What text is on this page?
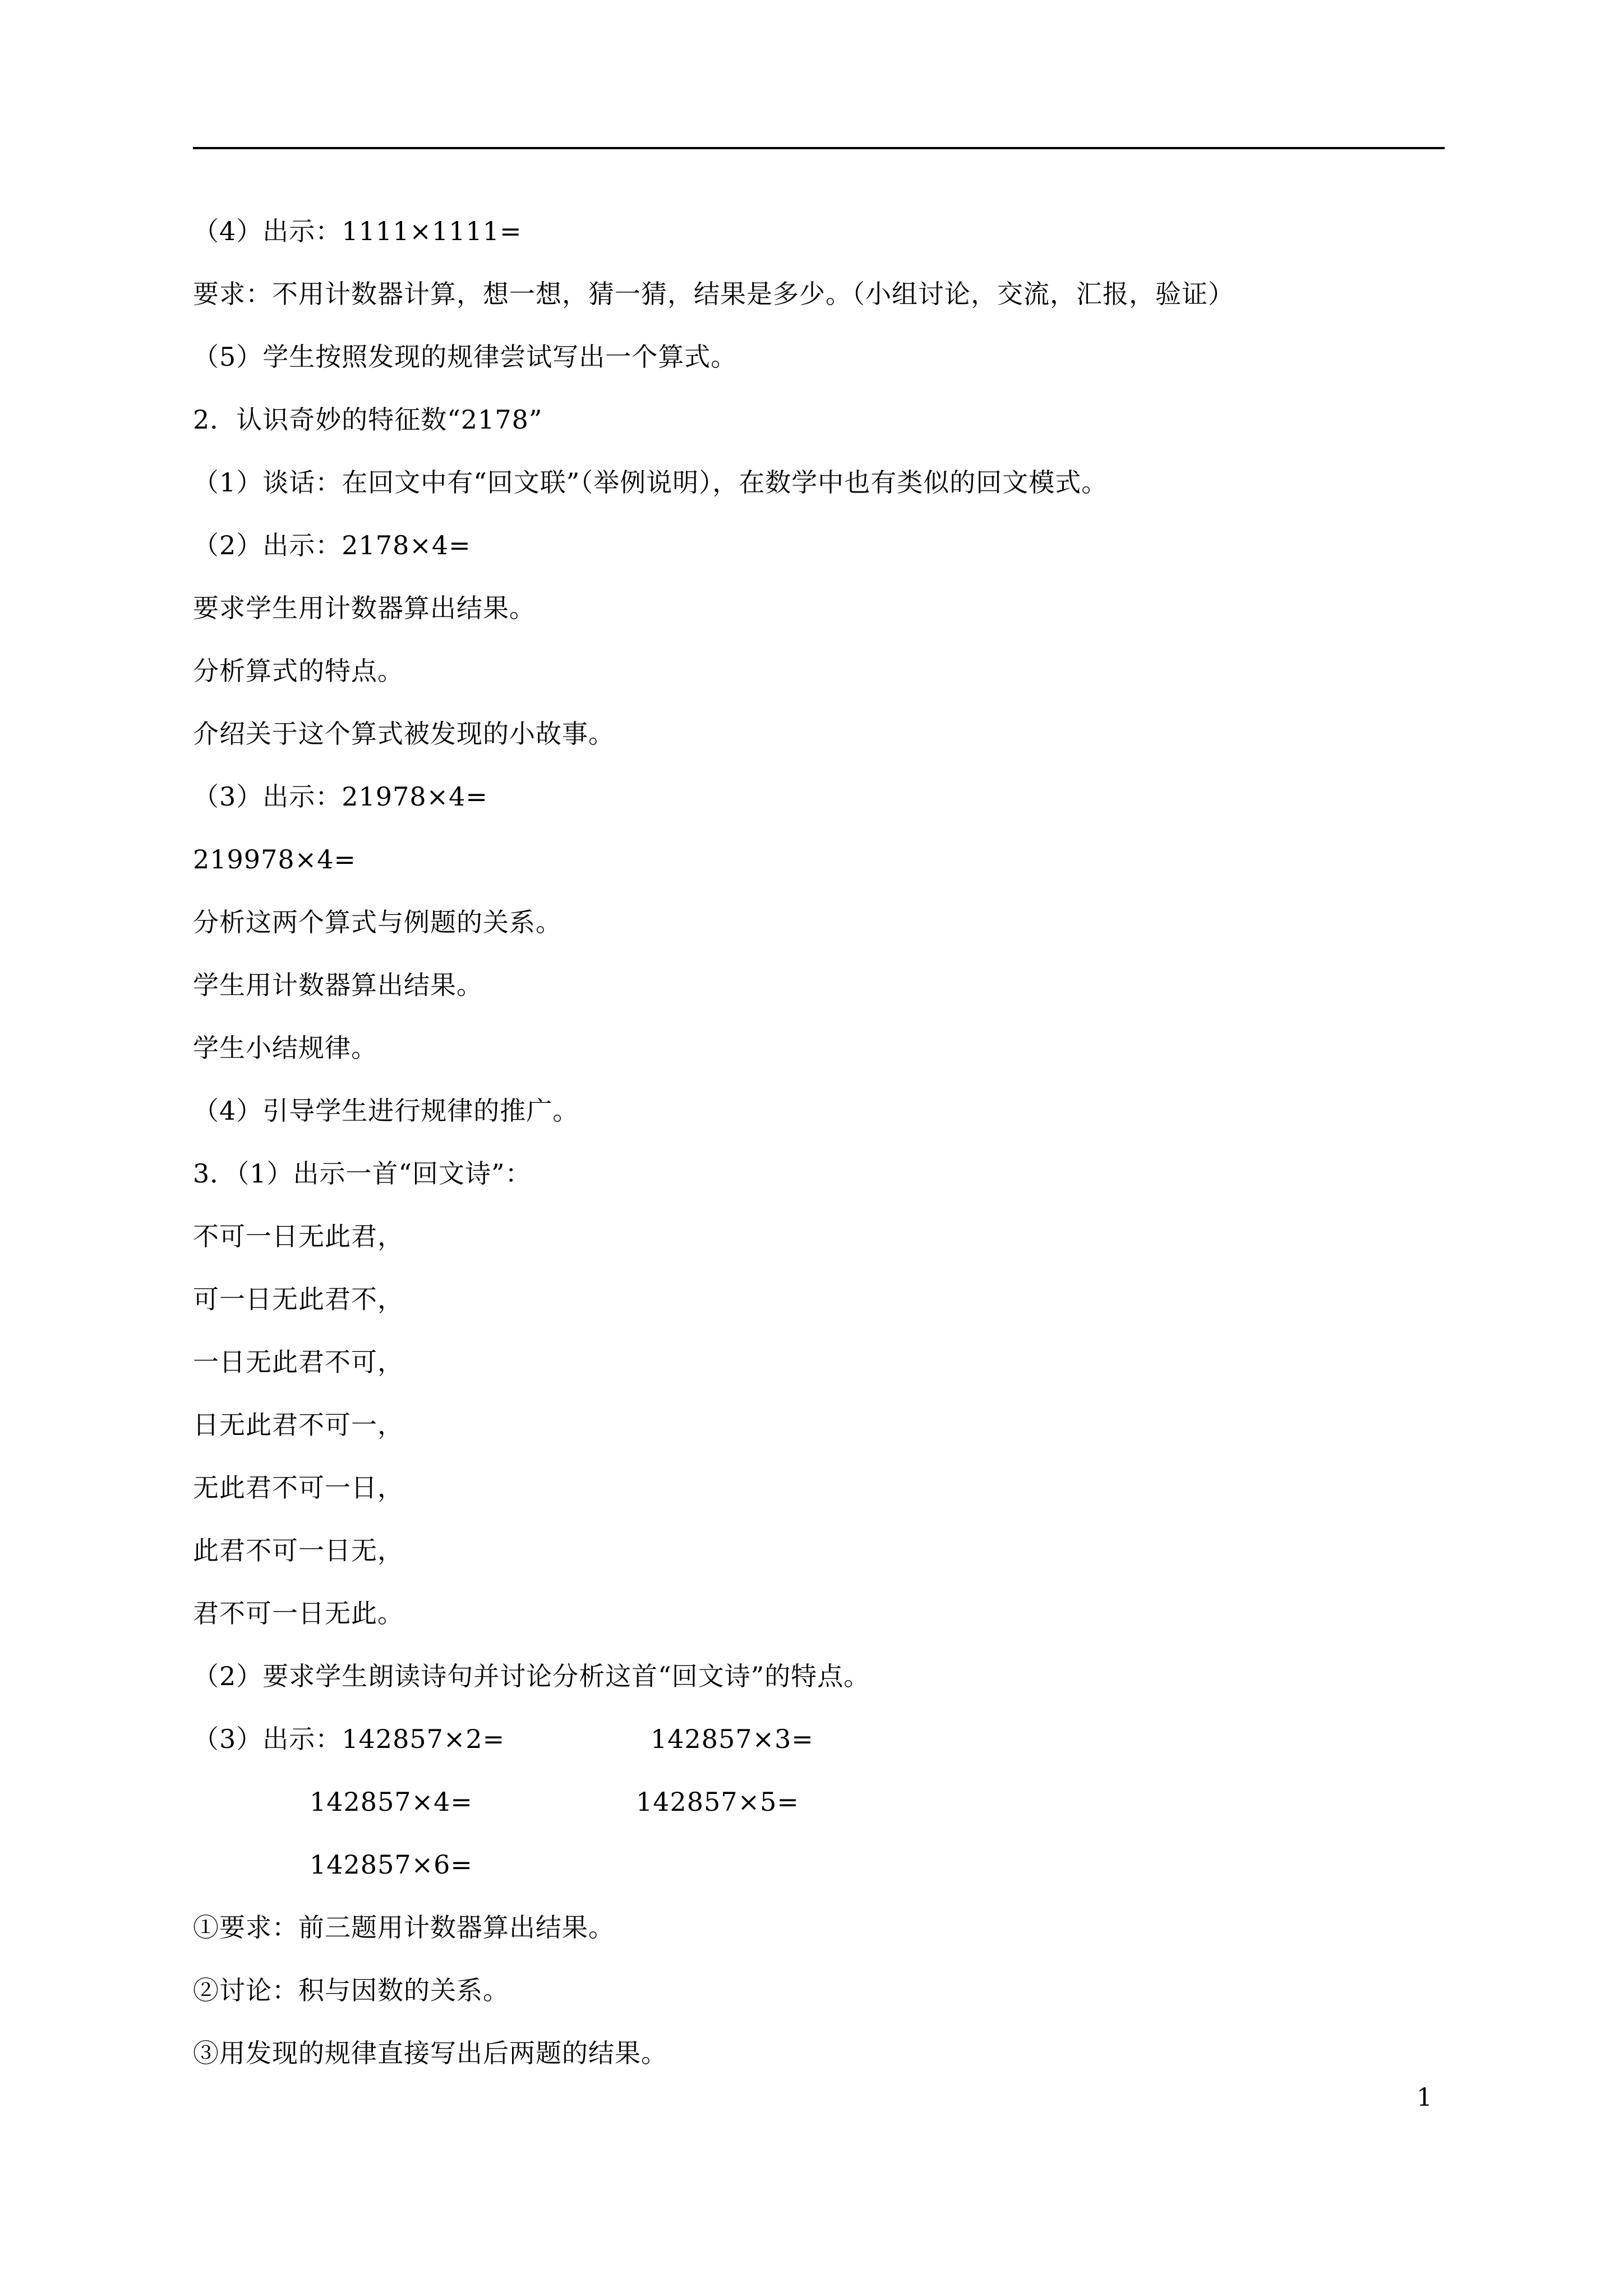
（4）出示：1111×1111=
要求：不用计数器计算，想一想，猜一猜，结果是多少。（小组讨论，交流，汇报，验证）
（5）学生按照发现的规律尝试写出一个算式。
2．认识奇妙的特征数“2178”
（1）谈话：在回文中有“回文联”（举例说明），在数学中也有类似的回文模式。
（2）出示：2178×4=
要求学生用计数器算出结果。
分析算式的特点。
介绍关于这个算式被发现的小故事。
（3）出示：21978×4=
219978×4=
分析这两个算式与例题的关系。
学生用计数器算出结果。
学生小结规律。
（4）引导学生进行规律的推广。
3．（1）出示一首“回文诗”：
不可一日无此君，
可一日无此君不，
一日无此君不可，
日无此君不可一，
无此君不可一日，
此君不可一日无，
君不可一日无此。
（2）要求学生朗读诗句并讨论分析这首“回文诗”的特点。
（3）出示：142857×2=	142857×3=
142857×4=	142857×5=
142857×6=
①要求：前三题用计数器算出结果。
②讨论：积与因数的关系。
③用发现的规律直接写出后两题的结果。
1
